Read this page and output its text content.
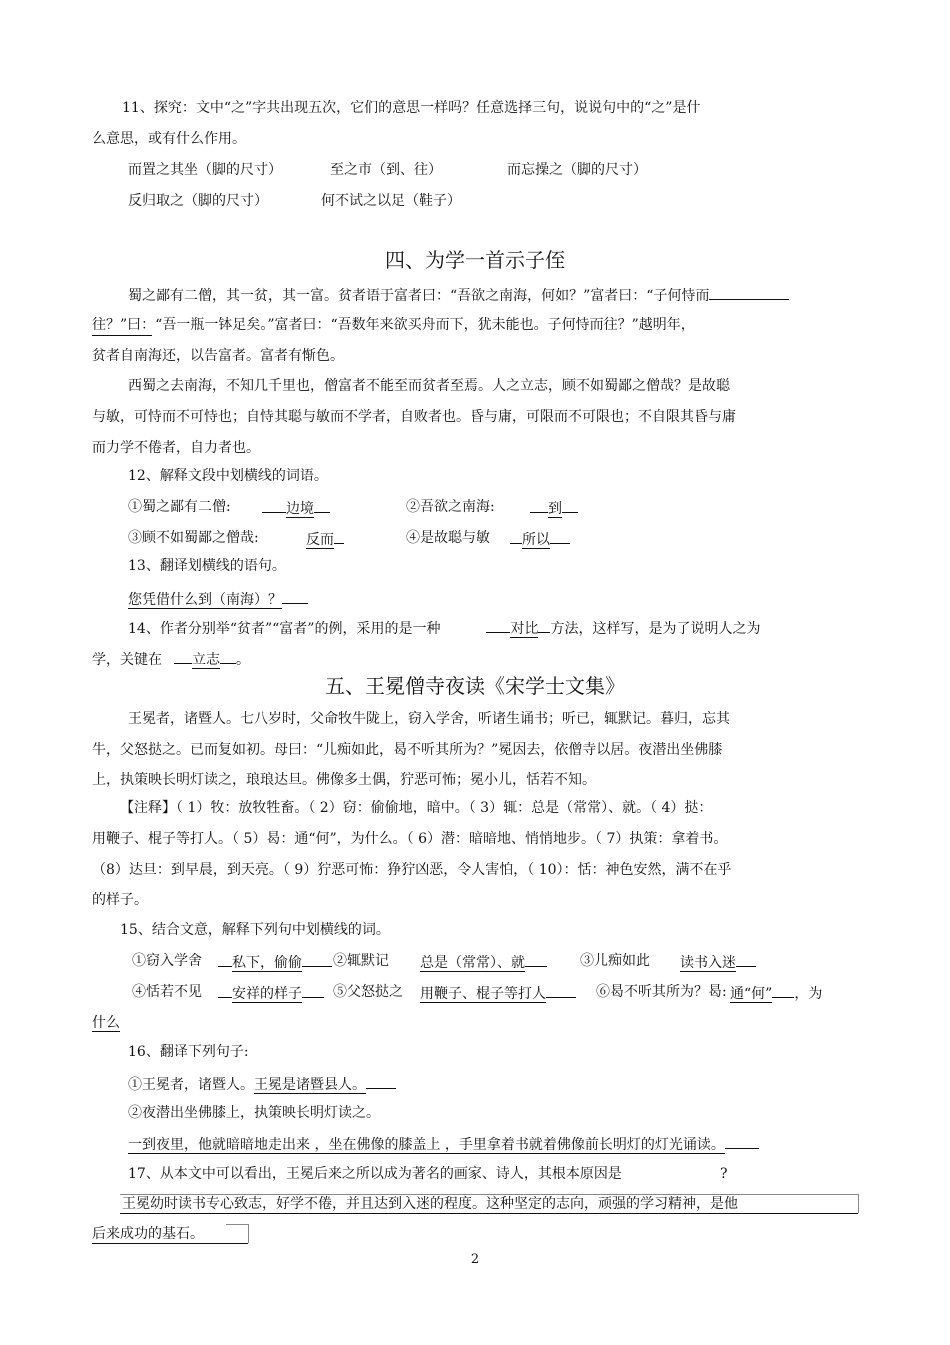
11、探究：文中“之”字共出现五次，它们的意思一样吗？任意选择三句，说说句中的“之”是什
么意思，或有什么作用。
而置之其坐（脚的尺寸）	至之市（到、往）	而忘操之（脚的尺寸）
反归取之（脚的尺寸）	何不试之以足（鞋子）
四、为学一首示子侄
蜀之鄙有二僧，其一贫，其一富。贫者语于富者曰：“吾欲之南海，何如？”富者曰：“子何恃而
往？”曰：“吾一瓶一钵足矣。”富者曰：“吾数年来欲买舟而下，犹未能也。子何恃而往？”越明年，
贫者自南海还，以告富者。富者有惭色。
西蜀之去南海，不知几千里也，僧富者不能至而贫者至焉。人之立志，顾不如蜀鄙之僧哉？是故聪
与敏，可恃而不可恃也；自恃其聪与敏而不学者，自败者也。昏与庸，可限而不可限也；不自限其昏与庸
而力学不倦者，自力者也。
12、解释文段中划横线的词语。
①蜀之鄙有二僧:	边境	②吾欲之南海:	到
③顾不如蜀鄙之僧哉:	反而	④是故聪与敏	所以
13、翻译划横线的语句。
您凭借什么到（南海）？
14、作者分别举“贫者”“富者”的例，采用的是一种	对比 方法，这样写，是为了说明人之为
学，关键在 立志 。
五、王冕僧寺夜读《宋学士文集》
王冕者，诸暨人。七八岁时，父命牧牛陇上，窃入学舍，听诸生诵书；听已，辄默记。暮归，忘其
牛，父怒挞之。已而复如初。母曰：“儿痴如此，曷不听其所为？”冕因去，依僧寺以居。夜潜出坐佛膝
上，执策映长明灯读之，琅琅达旦。佛像多土偶，狞恶可怖；冕小儿，恬若不知。
【注释】（ 1）牧：放牧牲畜。（ 2）窃：偷偷地，暗中。（ 3）辄：总是（常常）、就。（ 4）挞：
用鞭子、棍子等打人。（ 5）曷：通“何”，为什么。（ 6）潜：暗暗地、悄悄地步。（ 7）执策：拿着书。
（8）达旦：到早晨，到天亮。（ 9）狞恶可怖：狰狞凶恶，令人害怕，（ 10）：恬：神色安然，满不在乎
的样子。
15、结合文意，解释下列句中划横线的词。
①窃入学舍	私下，偷偷	②辄默记 总是（常常）、就	③儿痴如此 读书入迷
④恬若不见	安祥的样子	⑤父怒挞之 用鞭子、棍子等打人	⑥曷不听其所为？曷: 通“何” ，为
什么
16、翻译下列句子:
①王冕者，诸暨人。王冕是诸暨县人。
②夜潜出坐佛膝上，执策映长明灯读之。
一到夜里，他就暗暗地走出来 ，坐在佛像的膝盖上 ，手里拿着书就着佛像前长明灯的灯光诵读。
17、从本文中可以看出，王冕后来之所以成为著名的画家、诗人，其根本原因是	?
王冕幼时读书专心致志，好学不倦，并且达到入迷的程度。这种坚定的志向，顽强的学习精神，是他
后来成功的基石。
2
